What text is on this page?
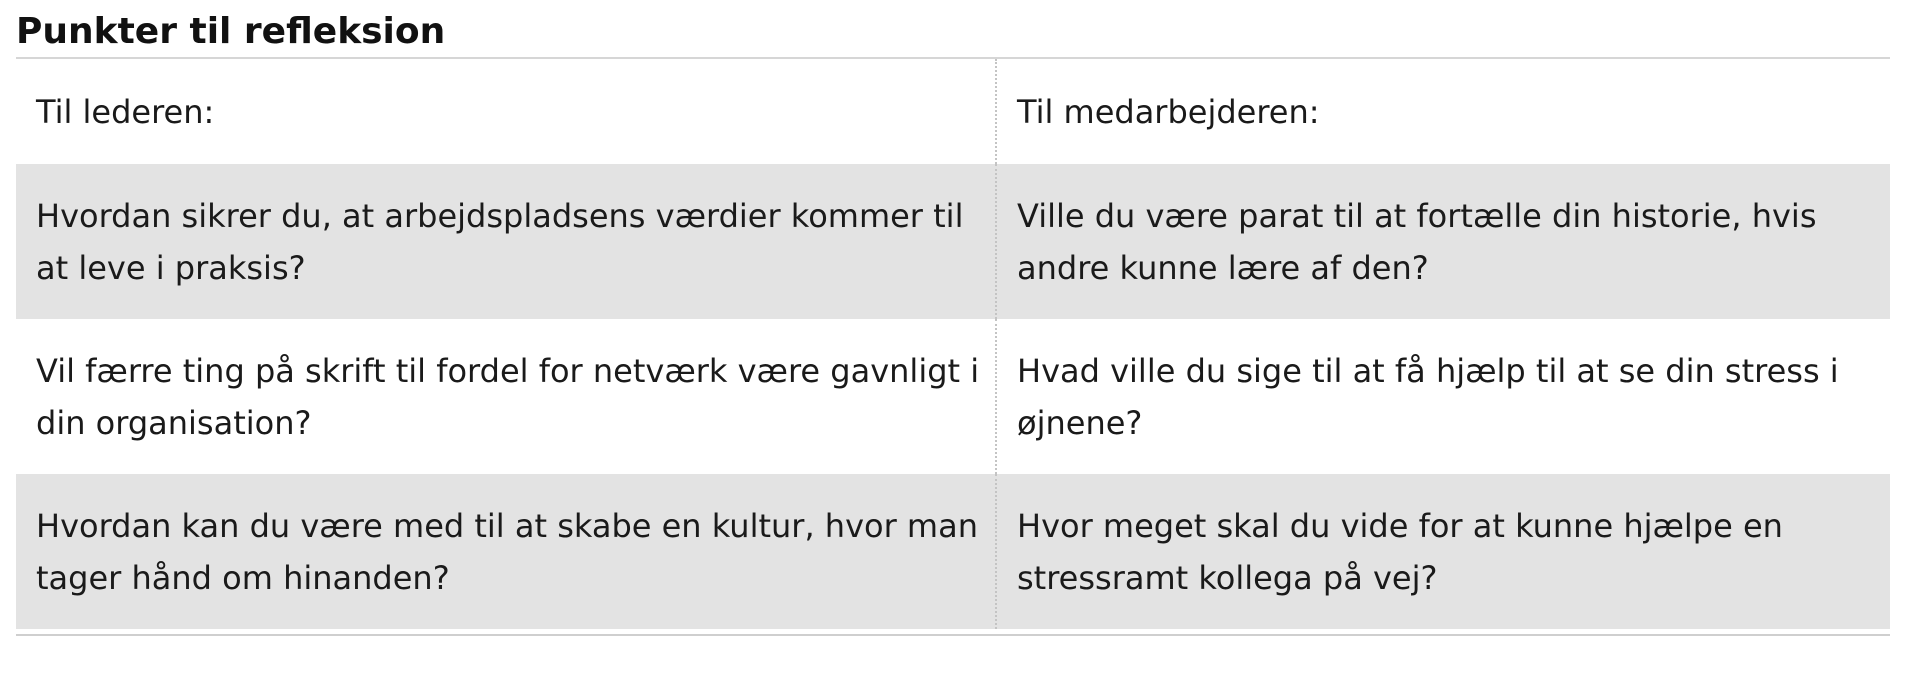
Punkter til refleksion
Til lederen:	Til medarbejderen:
Hvordan sikrer du, at arbejdspladsens værdier kommer til at leve i praksis?
Ville du være parat til at fortælle din historie, hvis andre kunne lære af den?
Vil færre ting på skrift til fordel for netværk være gavnligt i din organisation?
Hvad ville du sige til at få hjælp til at se din stress i øjnene?
Hvordan kan du være med til at skabe en kultur, hvor man tager hånd om hinanden?
Hvor meget skal du vide for at kunne hjælpe en stressramt kollega på vej?
